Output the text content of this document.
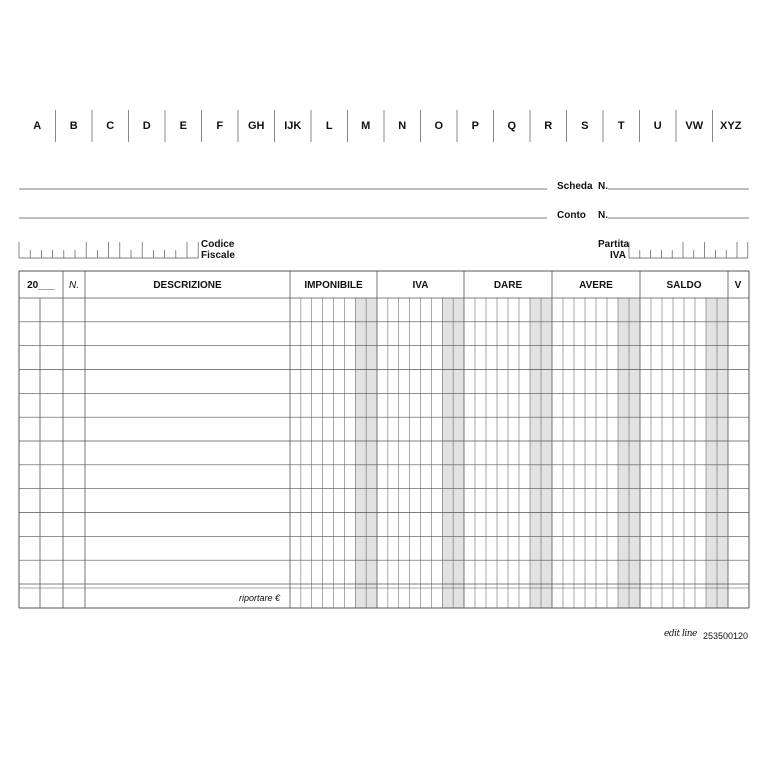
A	B	C	D	E	F	GH	IJK	L	M	N	O	P	Q	R	S	T	U	VW	XYZ
Scheda N.
Conto N.
Codice
Fiscale
Partita
IVA
20___	N.	DESCRIZIONE	IMPONIBILE	IVA	DARE	AVERE	SALDO	V
riportare €
edit line 253500120
